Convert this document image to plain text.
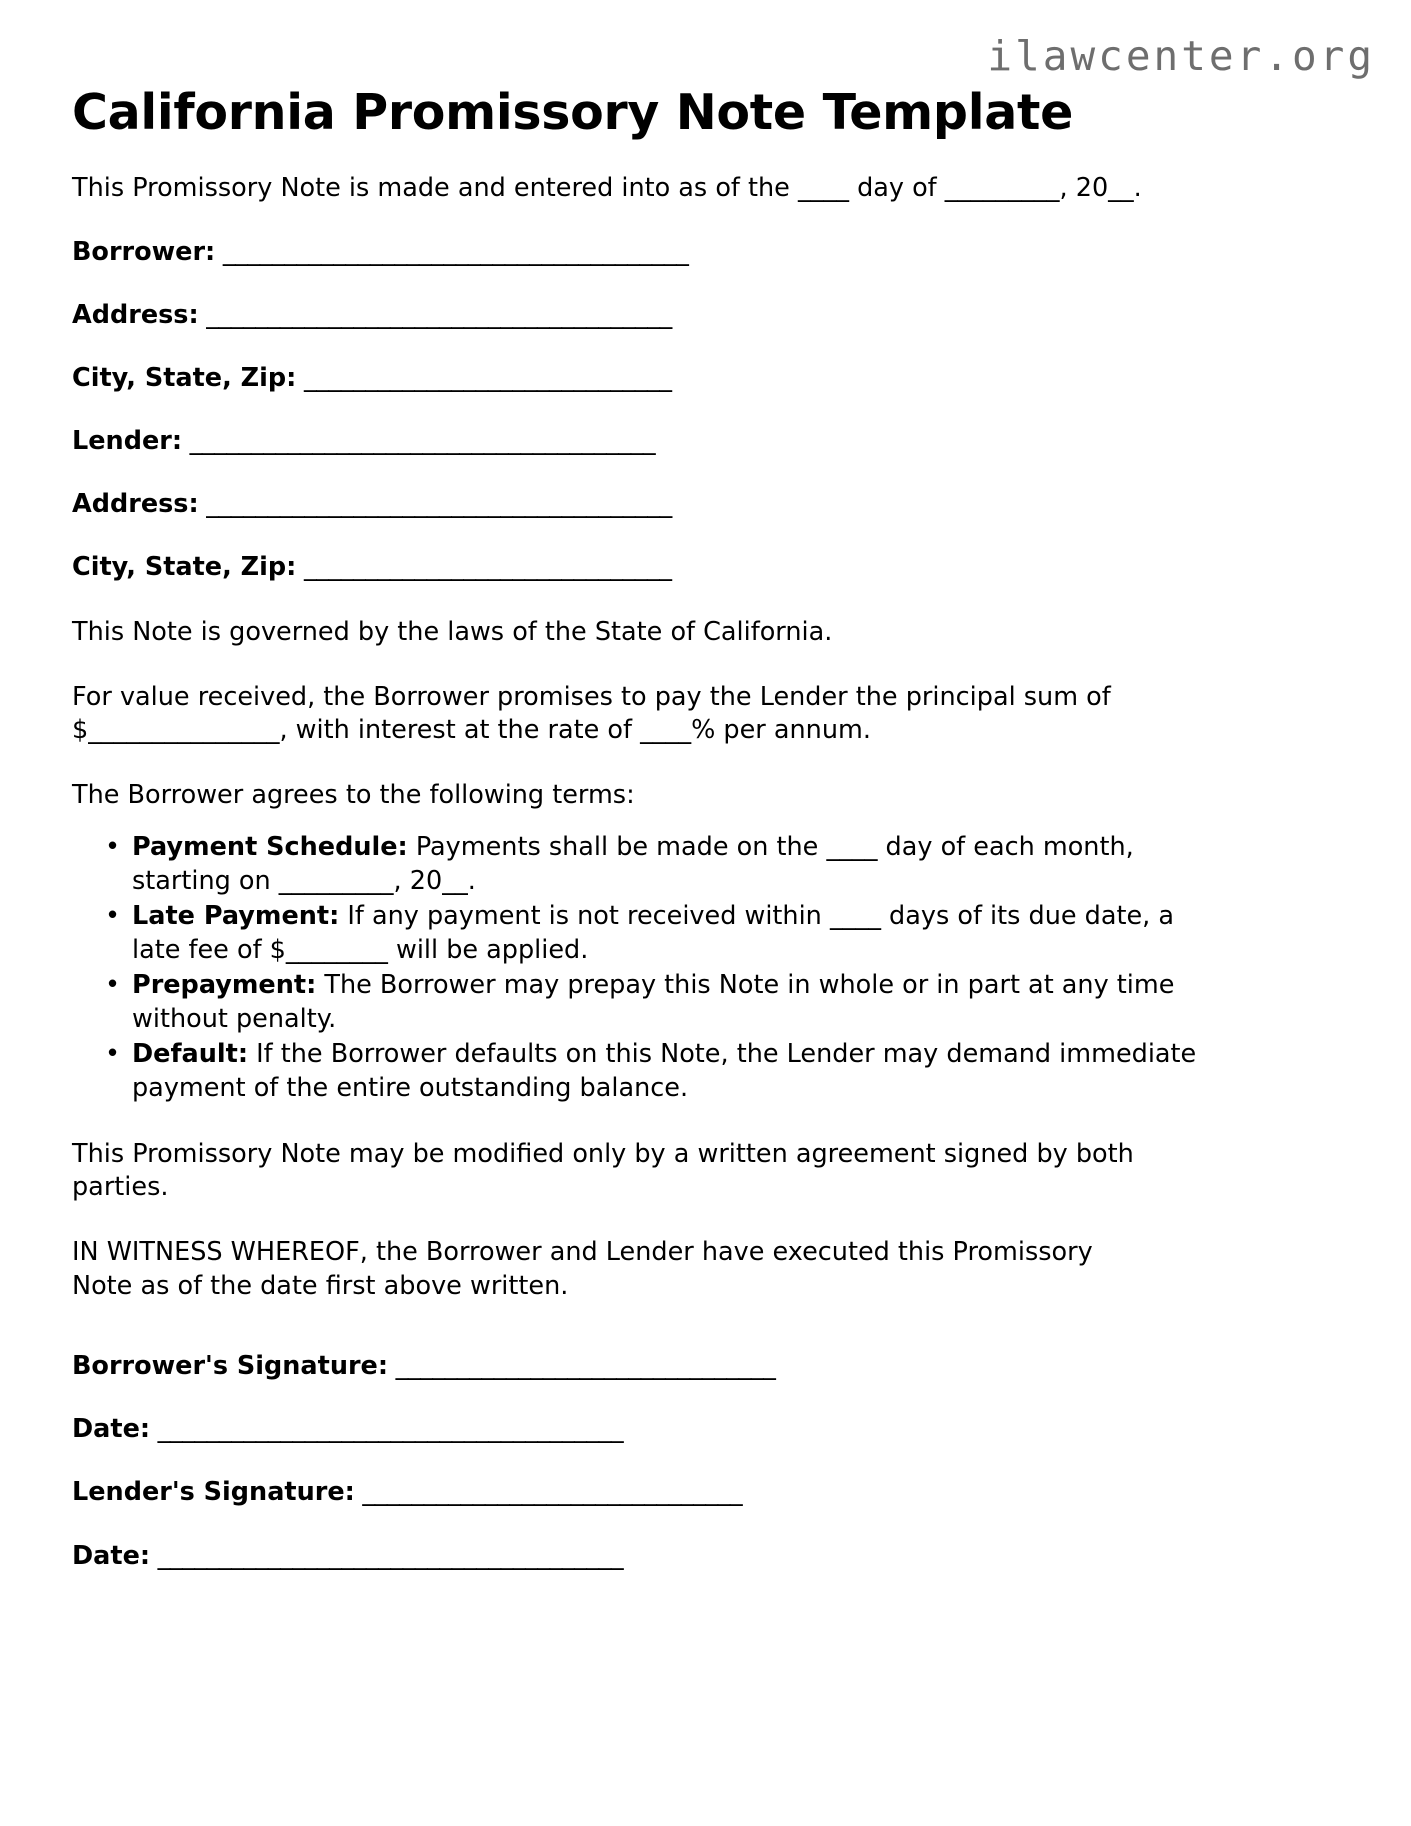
ilawcenter.org
California Promissory Note Template

This Promissory Note is made and entered into as of the ____ day of _________, 20__.

Borrower: ______________________________________
Address: ______________________________________
City, State, Zip: ______________________________
Lender: ______________________________________
Address: ______________________________________
City, State, Zip: ______________________________

This Note is governed by the laws of the State of California.

For value received, the Borrower promises to pay the Lender the principal sum of $_______________, with interest at the rate of ____% per annum.

The Borrower agrees to the following terms:

• Payment Schedule: Payments shall be made on the ____ day of each month, starting on _________, 20__.
• Late Payment: If any payment is not received within ____ days of its due date, a late fee of $________ will be applied.
• Prepayment: The Borrower may prepay this Note in whole or in part at any time without penalty.
• Default: If the Borrower defaults on this Note, the Lender may demand immediate payment of the entire outstanding balance.

This Promissory Note may be modified only by a written agreement signed by both parties.

IN WITNESS WHEREOF, the Borrower and Lender have executed this Promissory Note as of the date first above written.

Borrower's Signature: _______________________________
Date: ______________________________________
Lender's Signature: _______________________________
Date: ______________________________________
